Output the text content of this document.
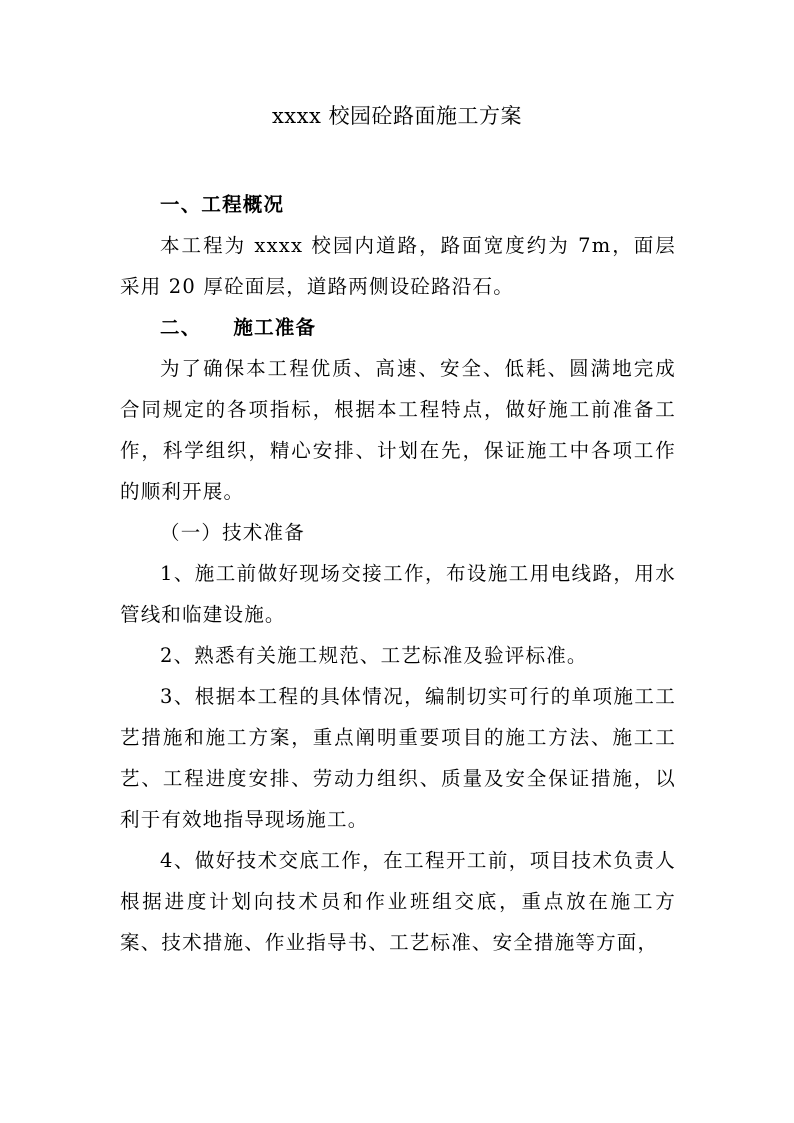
xxxx 校园砼路面施工方案

一、工程概况

本工程为 xxxx 校园内道路，路面宽度约为 7m，面层采用 20 厚砼面层，道路两侧设砼路沿石。

二、 施工准备

为了确保本工程优质、高速、安全、低耗、圆满地完成合同规定的各项指标，根据本工程特点，做好施工前准备工作，科学组织，精心安排、计划在先，保证施工中各项工作的顺利开展。

（一）技术准备

1、施工前做好现场交接工作，布设施工用电线路，用水管线和临建设施。

2、熟悉有关施工规范、工艺标准及验评标准。

3、根据本工程的具体情况，编制切实可行的单项施工工艺措施和施工方案，重点阐明重要项目的施工方法、施工工艺、工程进度安排、劳动力组织、质量及安全保证措施，以利于有效地指导现场施工。

4、做好技术交底工作，在工程开工前，项目技术负责人根据进度计划向技术员和作业班组交底，重点放在施工方案、技术措施、作业指导书、工艺标准、安全措施等方面，
